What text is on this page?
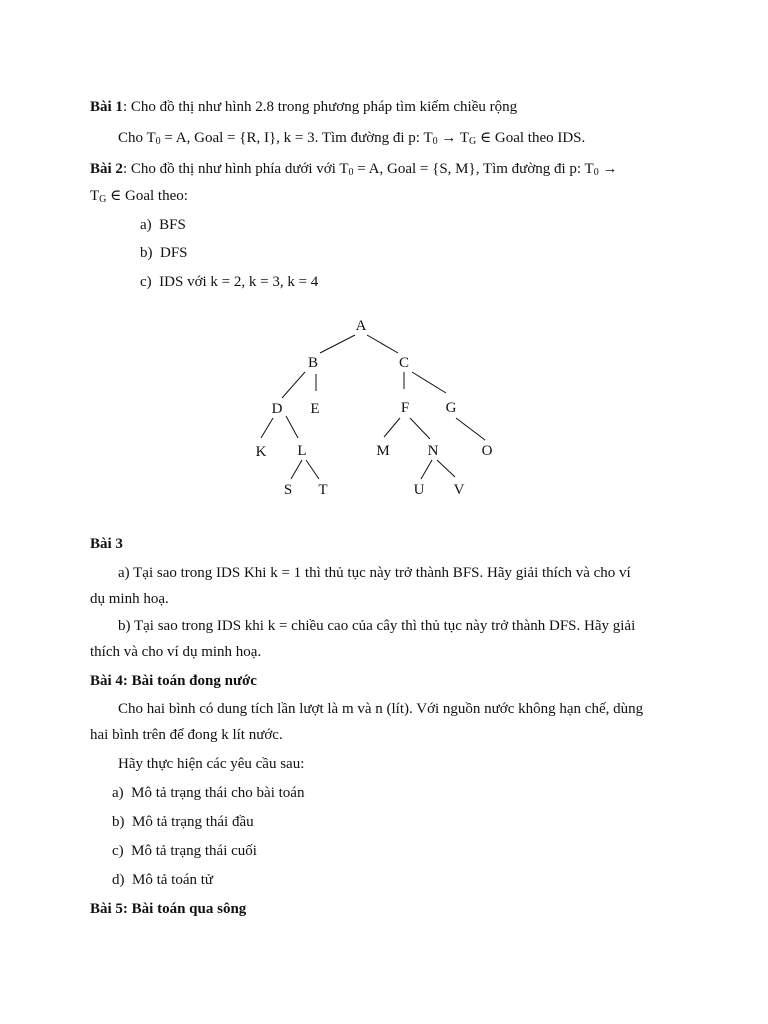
Bài 1: Cho đồ thị như hình 2.8 trong phương pháp tìm kiếm chiều rộng
Cho $T_0 = A$, Goal = {R, I}, k = 3. Tìm đường đi p: $T_0 \to T_G$ ∈ Goal theo IDS.
Bài 2: Cho đồ thị như hình phía dưới với $T_0 = A$, Goal = {S, M}, Tìm đường đi p: $T_0$ →
$T_G$ ∈ Goal theo:
a) BFS
b) DFS
c) IDS với k = 2, k = 3, k = 4
A
B	C
D E	F G
K L	M	N	O
S T	U V
Bài 3
a) Tại sao trong IDS Khi k = 1 thì thủ tục này trở thành BFS. Hãy giải thích và cho ví
dụ minh hoạ.
b) Tại sao trong IDS khi k = chiều cao của cây thì thủ tục này trở thành DFS. Hãy giải
thích và cho ví dụ minh hoạ.
Bài 4: Bài toán đong nước
Cho hai bình có dung tích lần lượt là m và n (lít). Với nguồn nước không hạn chế, dùng
hai bình trên để đong k lít nước.
Hãy thực hiện các yêu cầu sau:
a) Mô tả trạng thái cho bài toán
b) Mô tả trạng thái đầu
c) Mô tả trạng thái cuối
d) Mô tả toán tử
Bài 5: Bài toán qua sông
